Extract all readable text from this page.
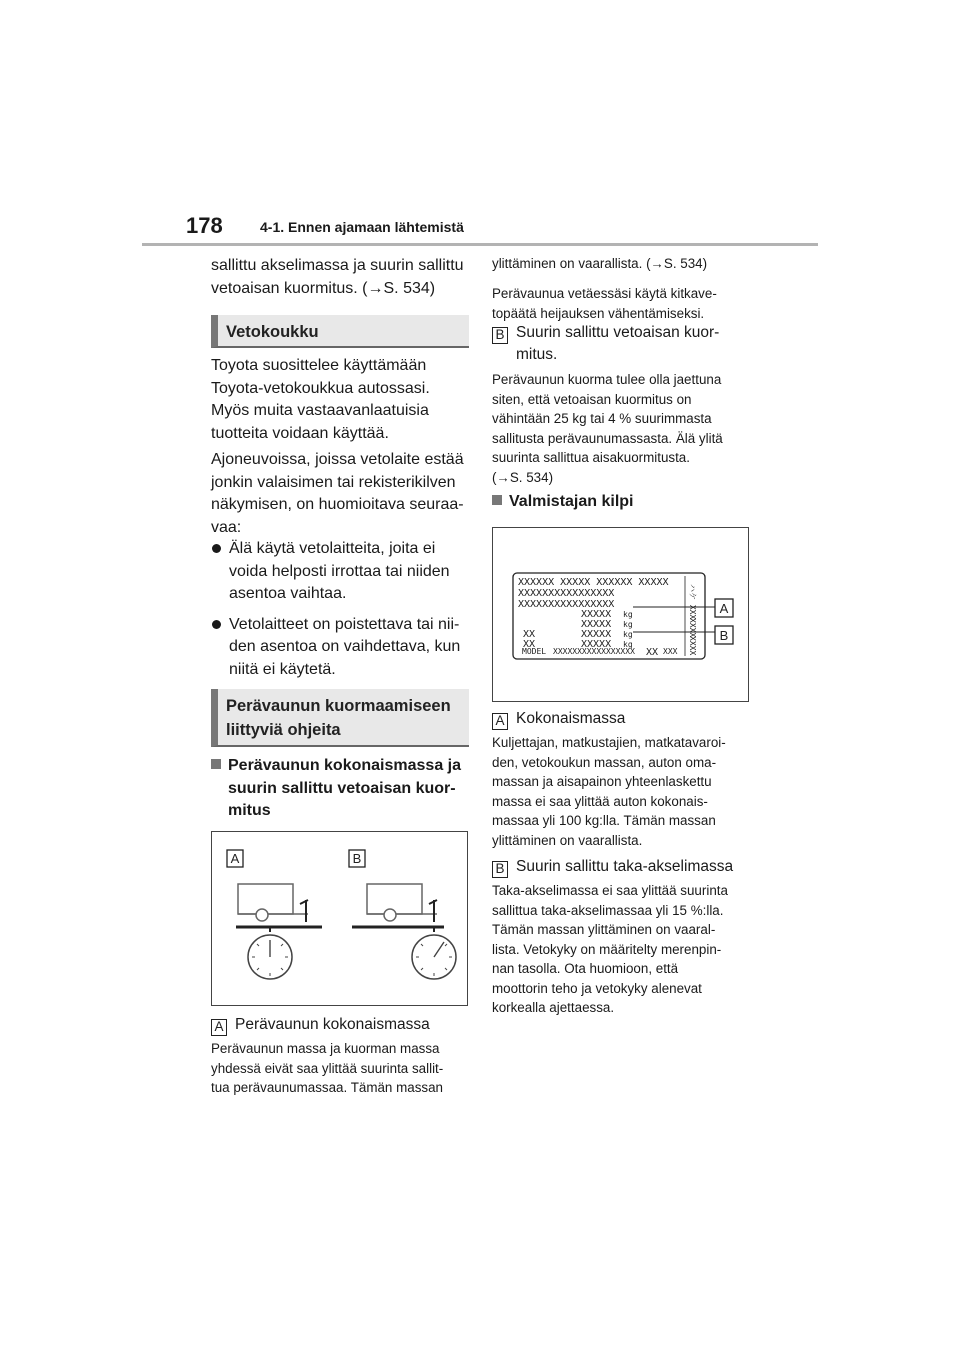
178	4-1. Ennen ajamaan lähtemistä

sallittu akselimassa ja suurin sallittu

vetoaisan kuormitus. (→S. 534)

Vetokoukku

Toyota suosittelee käyttämään

Toyota-vetokoukkua autossasi.

Myös muita vastaavanlaatuisia

tuotteita voidaan käyttää.

Ajoneuvoissa, joissa vetolaite estää

jonkin valaisimen tai rekisterikilven

näkymisen, on huomioitava seuraa-

vaa:

Älä käytä vetolaitteita, joita ei
voida helposti irrottaa tai niiden
asentoa vaihtaa.
Vetolaitteet on poistettava tai nii-
den asentoa on vaihdettava, kun
niitä ei käytetä.
Perävaunun kuormaamiseen
liittyviä ohjeita
Perävaunun kokonaismassa ja
suurin sallittu vetoaisan kuor-
mitus
A	B
A Perävaunun kokonaismassa

Perävaunun massa ja kuorman massa

yhdessä eivät saa ylittää suurinta sallit-

tua perävaunumassaa. Tämän massan

ylittäminen on vaarallista. (→S. 534)

Perävaunua vetäessäsi käytä kitkave-

topäätä heijauksen vähentämiseksi.

B Suurin sallittu vetoaisan kuor-
mitus.

Perävaunun kuorma tulee olla jaettuna

siten, että vetoaisan kuormitus on

vähintään 25 kg tai 4 % suurimmasta

sallitusta perävaunumassasta. Älä ylitä

suurinta sallittua aisakuormitusta.

(→S. 534)

Valmistajan kilpi
XXXXXX XXXXX XXXXXX XXXXX
XXXXXXXXXXXXXXXX
XXXXXXXXXXXXXXXX
XXXXX
XXXXX
XXXXX
XXXXX
kg
kg
kg
kg
XX
XX
ハケ XXX
XXXX
XXXX
MODEL XXXXXXXXXXXXXXXXX XX XXX
A
B
A Kokonaismassa

Kuljettajan, matkustajien, matkatavaroi-

den, vetokoukun massan, auton oma-

massan ja aisapainon yhteenlaskettu

massa ei saa ylittää auton kokonais-

massaa yli 100 kg:lla. Tämän massan

ylittäminen on vaarallista.

B Suurin sallittu taka-akselimassa

Taka-akselimassa ei saa ylittää suurinta

sallittua taka-akselimassaa yli 15 %:lla.

Tämän massan ylittäminen on vaaral-

lista. Vetokyky on määritelty merenpin-

nan tasolla. Ota huomioon, että

moottorin teho ja vetokyky alenevat

korkealla ajettaessa.
